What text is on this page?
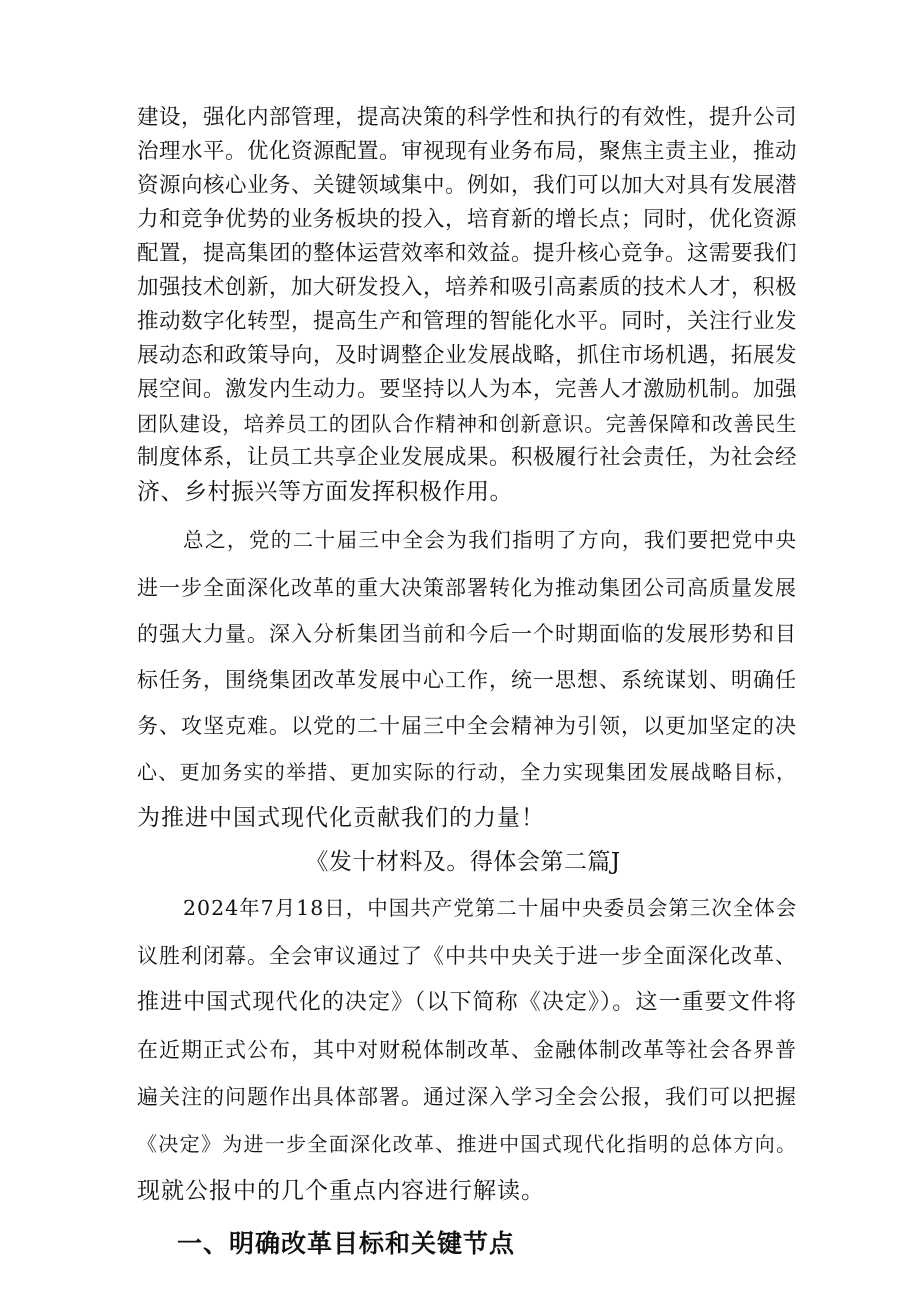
建设，强化内部管理，提高决策的科学性和执行的有效性，提升公司
治理水平。优化资源配置。审视现有业务布局，聚焦主责主业，推动
资源向核心业务、关键领域集中。例如，我们可以加大对具有发展潜
力和竞争优势的业务板块的投入，培育新的增长点；同时，优化资源
配置，提高集团的整体运营效率和效益。提升核心竞争。这需要我们
加强技术创新，加大研发投入，培养和吸引高素质的技术人才，积极
推动数字化转型，提高生产和管理的智能化水平。同时，关注行业发
展动态和政策导向，及时调整企业发展战略，抓住市场机遇，拓展发
展空间。激发内生动力。要坚持以人为本，完善人才激励机制。加强
团队建设，培养员工的团队合作精神和创新意识。完善保障和改善民生
制度体系，让员工共享企业发展成果。积极履行社会责任，为社会经
济、乡村振兴等方面发挥积极作用。
总之，党的二十届三中全会为我们指明了方向，我们要把党中央
进一步全面深化改革的重大决策部署转化为推动集团公司高质量发展
的强大力量。深入分析集团当前和今后一个时期面临的发展形势和目
标任务，围绕集团改革发展中心工作，统一思想、系统谋划、明确任
务、攻坚克难。以党的二十届三中全会精神为引领，以更加坚定的决
心、更加务实的举措、更加实际的行动，全力实现集团发展战略目标，
为推进中国式现代化贡献我们的力量！
《发十材料及。得体会第二篇J
2024年7月18日，中国共产党第二十届中央委员会第三次全体会
议胜利闭幕。全会审议通过了《中共中央关于进一步全面深化改革、
推进中国式现代化的决定》（以下简称《决定》）。这一重要文件将
在近期正式公布，其中对财税体制改革、金融体制改革等社会各界普
遍关注的问题作出具体部署。通过深入学习全会公报，我们可以把握
《决定》为进一步全面深化改革、推进中国式现代化指明的总体方向。
现就公报中的几个重点内容进行解读。
一、明确改革目标和关键节点
